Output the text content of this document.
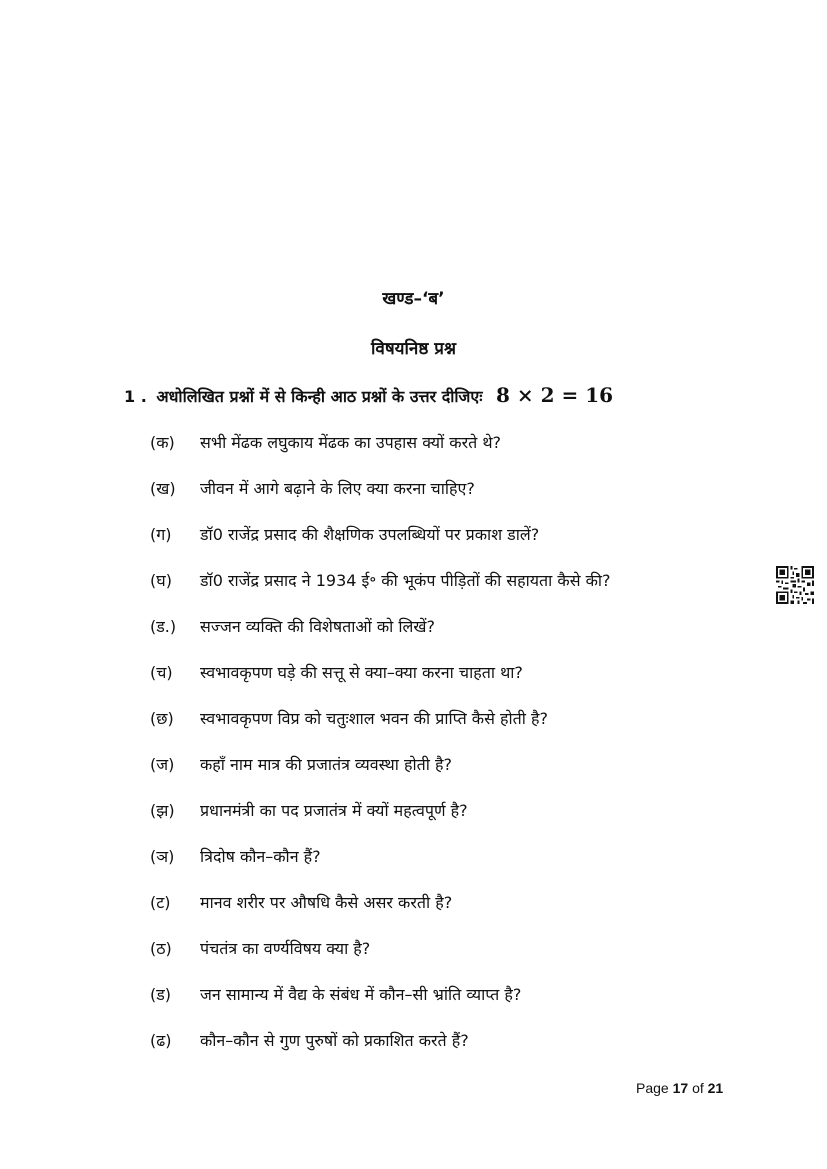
खण्ड–‘ब’
विषयनिष्ठ प्रश्न
1 . अधोलिखित प्रश्नों में से किन्ही आठ प्रश्नों के उत्तर दीजिएः 8 × 2 = 16
(क) सभी मेंढक लघुकाय मेंढक का उपहास क्यों करते थे?
(ख) जीवन में आगे बढ़ाने के लिए क्या करना चाहिए?
(ग) डॉ0 राजेंद्र प्रसाद की शैक्षणिक उपलब्धियों पर प्रकाश डालें?
(घ) डॉ0 राजेंद्र प्रसाद ने 1934 ई॰ की भूकंप पीड़ितों की सहायता कैसे की?
(ड.) सज्जन व्यक्ति की विशेषताओं को लिखें?
(च) स्वभावकृपण घड़े की सत्तू से क्या–क्या करना चाहता था?
(छ) स्वभावकृपण विप्र को चतुःशाल भवन की प्राप्ति कैसे होती है?
(ज) कहाँ नाम मात्र की प्रजातंत्र व्यवस्था होती है?
(झ) प्रधानमंत्री का पद प्रजातंत्र में क्यों महत्वपूर्ण है?
(ञ) त्रिदोष कौन–कौन हैं?
(ट) मानव शरीर पर औषधि कैसे असर करती है?
(ठ) पंचतंत्र का वर्ण्यविषय क्या है?
(ड) जन सामान्य में वैद्य के संबंध में कौन–सी भ्रांति व्याप्त है?
(ढ) कौन–कौन से गुण पुरुषों को प्रकाशित करते हैं?
Page 17 of 21
